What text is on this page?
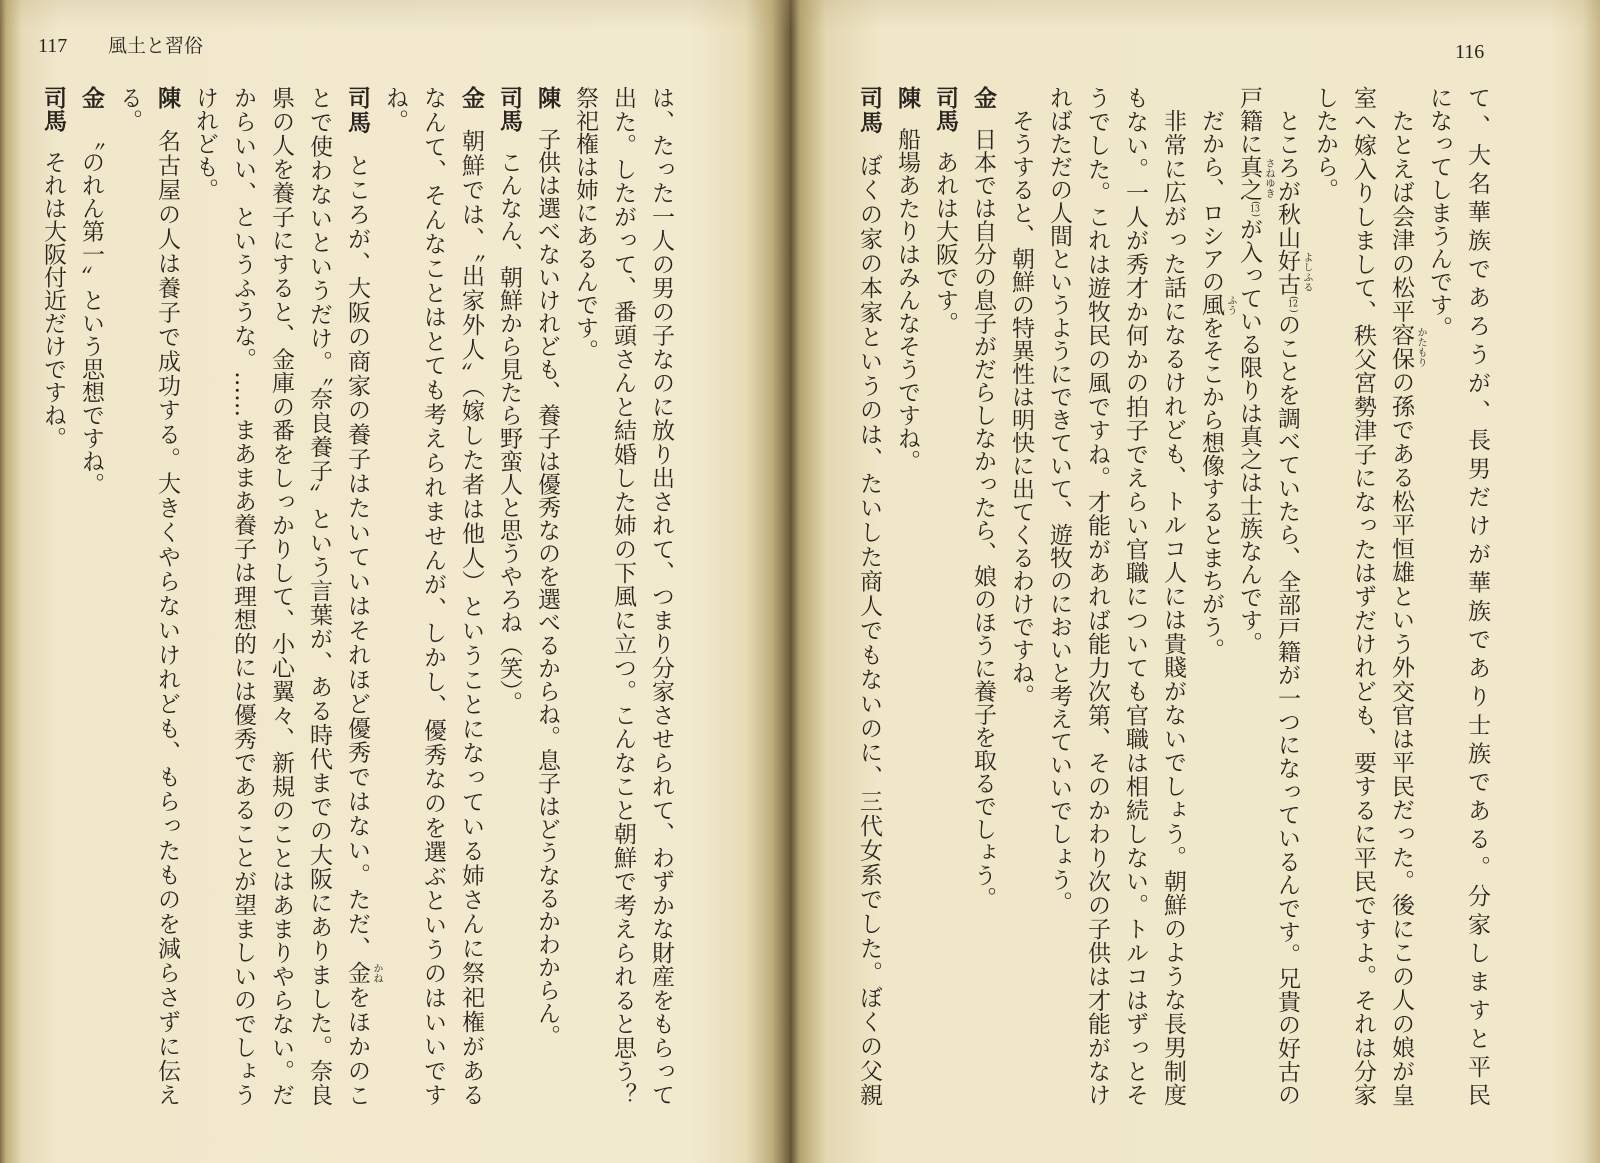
117 風土と習俗
は、たった一人の男の子なのに放り出されて、つまり分家させられて、わずかな財産をもらって
出た。したがって、番頭さんと結婚した姉の下風に立つ。こんなこと朝鮮で考えられると思う？
祭祀権は姉にあるんです。
陳子供は選べないけれども、養子は優秀なのを選べるからね。息子はどうなるかわからん。
司馬こんなん、朝鮮から見たら野蛮人と思うやろね（笑）。
金朝鮮では、〝出家外人〟（嫁した者は他人）ということになっている姉さんに祭祀権がある
なんて、そんなことはとても考えられませんが、しかし、優秀なのを選ぶというのはいいです
ね。
司馬ところが、大阪の商家の養子はたいていはそれほど優秀ではない。ただ、金 かね
をほかのこ
とで使わないというだけ。〝奈良養子〟という言葉が、ある時代までの大阪にありました。奈良
県の人を養子にすると、金庫の番をしっかりして、小心翼々、新規のことはあまりやらない。だ
からいい、というふうな。……まあまあ養子は理想的には優秀であることが望ましいのでしょう
けれども。
陳名古屋の人は養子で成功する。大きくやらないけれども、もらったものを減らさずに伝え
る。
金〝のれん第一〟という思想ですね。
司馬それは大阪付近だけですね。
116
て、大名華族であろうが、長男だけが華族であり士族である。分家しますと平民
になってしまうんです。
たとえば会津の松平容保 かたもり
の孫である松平恒雄という外交官は平民だった。後にこの人の娘が皇
室へ嫁入りしまして、秩父宮勢津子になったはずだけれども、要するに平民ですよ。それは分家
したから。
ところが秋山好古 よしふる
(12)のことを調べていたら、全部戸籍が一つになっているんです。兄貴の好古の
戸籍に真之 さねゆき
(13)が入っている限りは真之は士族なんです。
だから、ロシアの風 ふう
をそこから想像するとまちがう。
非常に広がった話になるけれども、トルコ人には貴賤がないでしょう。朝鮮のような長男制度
もない。一人が秀才か何かの拍子でえらい官職についても官職は相続しない。トルコはずっとそ
うでした。これは遊牧民の風ですね。才能があれば能力次第、そのかわり次の子供は才能がなけ
ればただの人間というようにできていて、遊牧のにおいと考えていいでしょう。
そうすると、朝鮮の特異性は明快に出てくるわけですね。
金日本では自分の息子がだらしなかったら、娘のほうに養子を取るでしょう。
司馬あれは大阪です。
陳船場あたりはみんなそうですね。
司馬ぼくの家の本家というのは、たいした商人でもないのに、三代女系でした。ぼくの父親
